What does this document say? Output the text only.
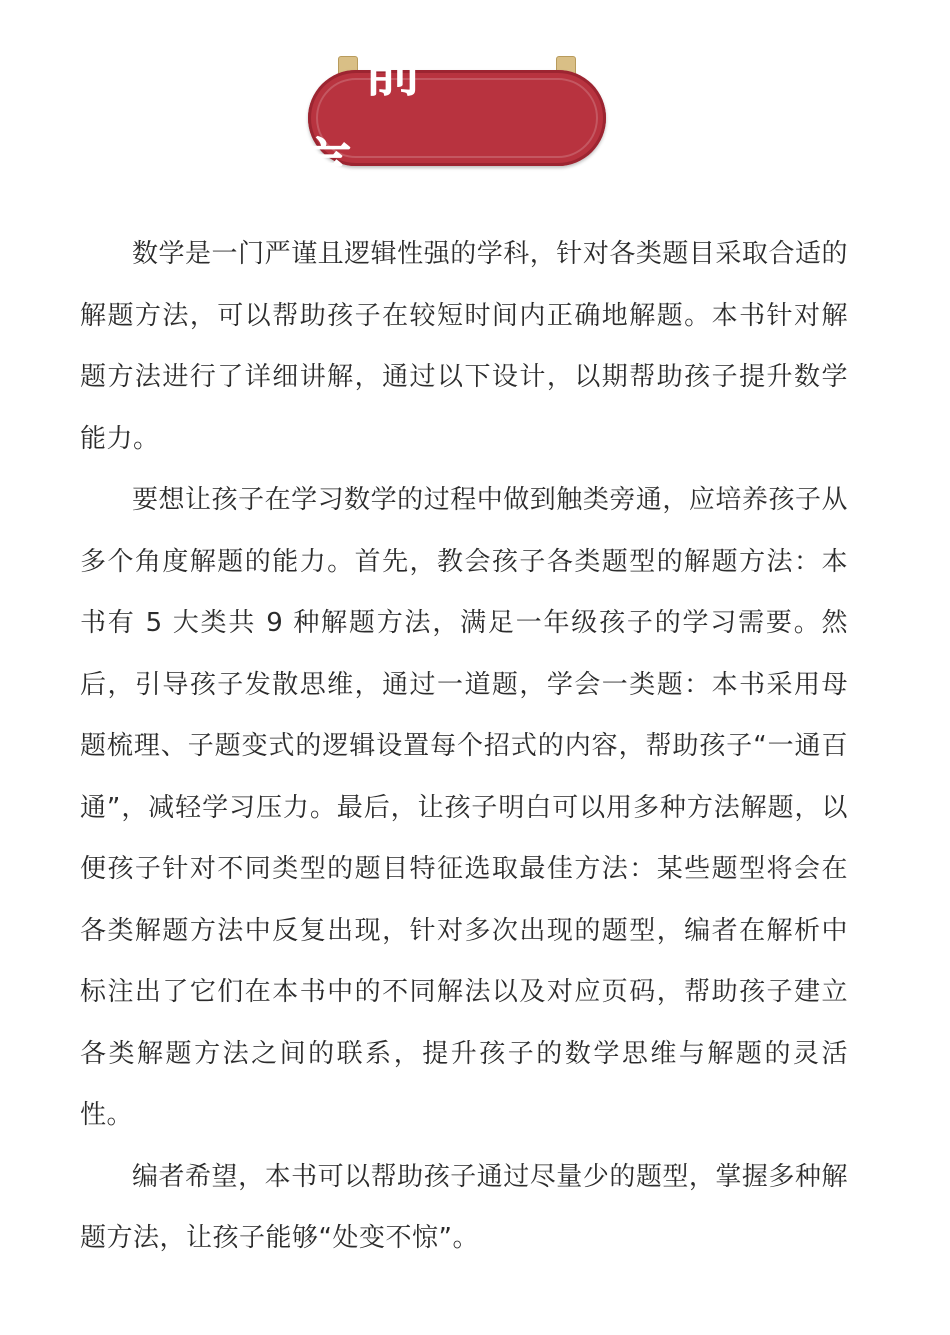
前　言

数学是一门严谨且逻辑性强的学科，针对各类题目采取合适的解题方法，可以帮助孩子在较短时间内正确地解题。本书针对解题方法进行了详细讲解，通过以下设计，以期帮助孩子提升数学能力。

要想让孩子在学习数学的过程中做到触类旁通，应培养孩子从多个角度解题的能力。首先，教会孩子各类题型的解题方法：本书有 5 大类共 9 种解题方法，满足一年级孩子的学习需要。然后，引导孩子发散思维，通过一道题，学会一类题：本书采用母题梳理、子题变式的逻辑设置每个招式的内容，帮助孩子“一通百通”，减轻学习压力。最后，让孩子明白可以用多种方法解题，以便孩子针对不同类型的题目特征选取最佳方法：某些题型将会在各类解题方法中反复出现，针对多次出现的题型，编者在解析中标注出了它们在本书中的不同解法以及对应页码，帮助孩子建立各类解题方法之间的联系，提升孩子的数学思维与解题的灵活性。

编者希望，本书可以帮助孩子通过尽量少的题型，掌握多种解题方法，让孩子能够“处变不惊”。
